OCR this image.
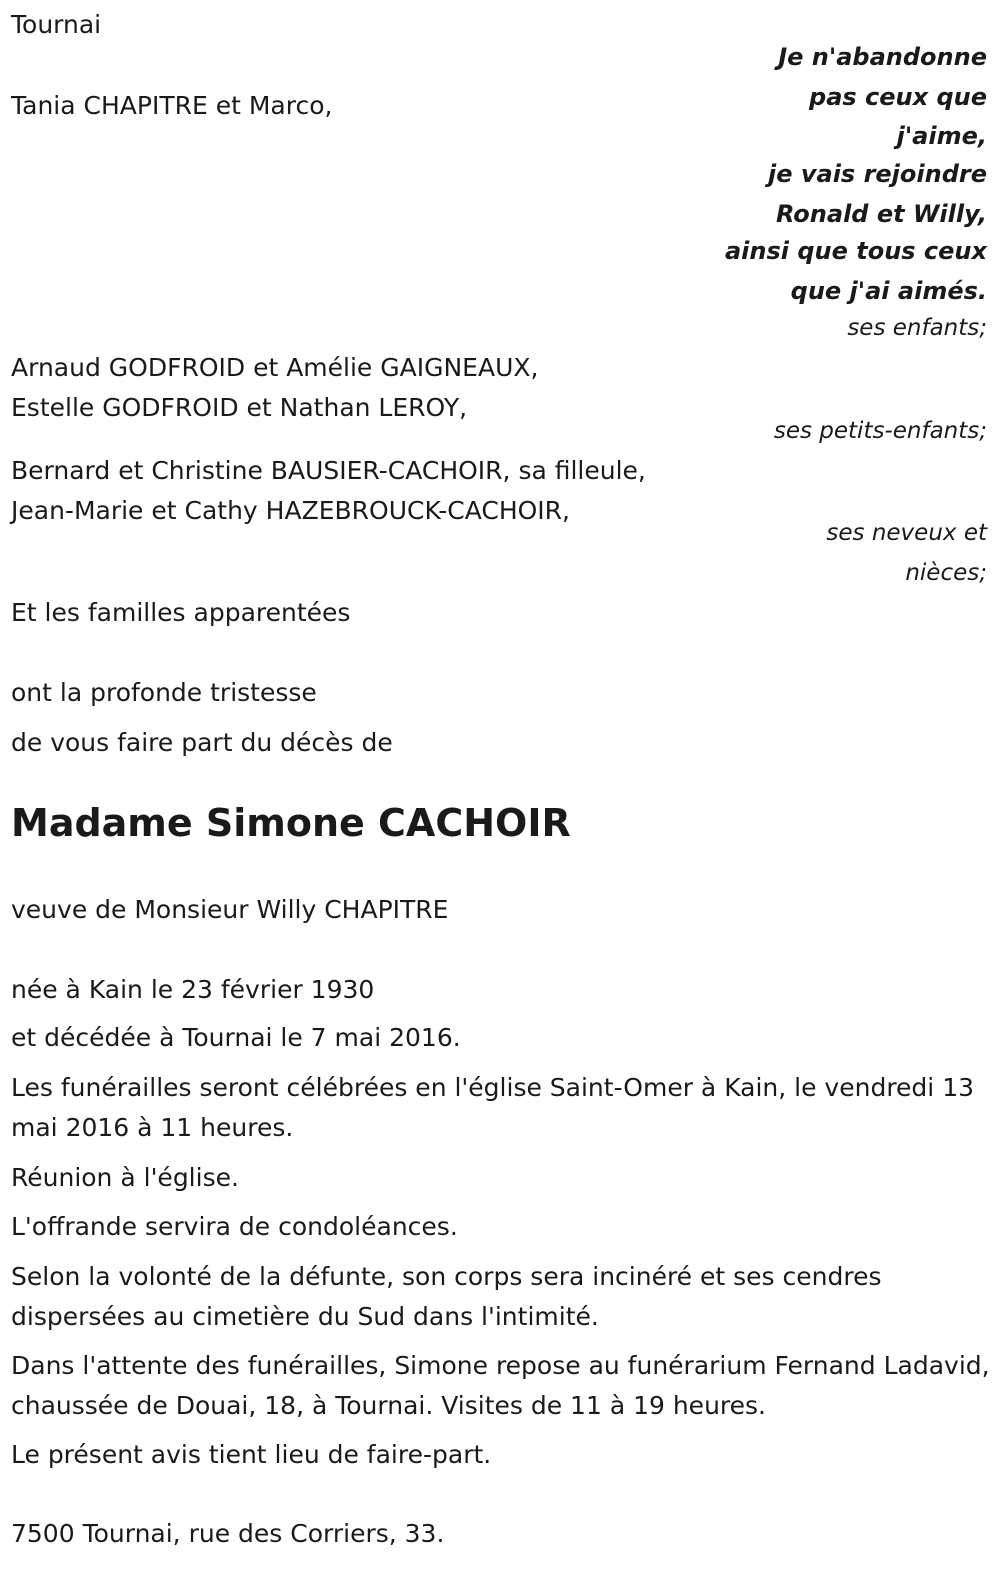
Tournai

Je n'abandonne

pas ceux que

j'aime,

je vais rejoindre

Ronald et Willy,

ainsi que tous ceux

que j'ai aimés.

Tania CHAPITRE et Marco,

ses enfants;

Arnaud GODFROID et Amélie GAIGNEAUX,

Estelle GODFROID et Nathan LEROY,

ses petits-enfants;

Bernard et Christine BAUSIER-CACHOIR, sa filleule,

Jean-Marie et Cathy HAZEBROUCK-CACHOIR,

ses neveux et

nièces;

Et les familles apparentées

ont la profonde tristesse

de vous faire part du décès de

Madame Simone CACHOIR

veuve de Monsieur Willy CHAPITRE

née à Kain le 23 février 1930

et décédée à Tournai le 7 mai 2016.

Les funérailles seront célébrées en l'église Saint-Omer à Kain, le vendredi 13 mai 2016 à 11 heures.

Réunion à l'église.

L'offrande servira de condoléances.

Selon la volonté de la défunte, son corps sera incinéré et ses cendres dispersées au cimetière du Sud dans l'intimité.

Dans l'attente des funérailles, Simone repose au funérarium Fernand Ladavid, chaussée de Douai, 18, à Tournai. Visites de 11 à 19 heures.

Le présent avis tient lieu de faire-part.

7500 Tournai, rue des Corriers, 33.
